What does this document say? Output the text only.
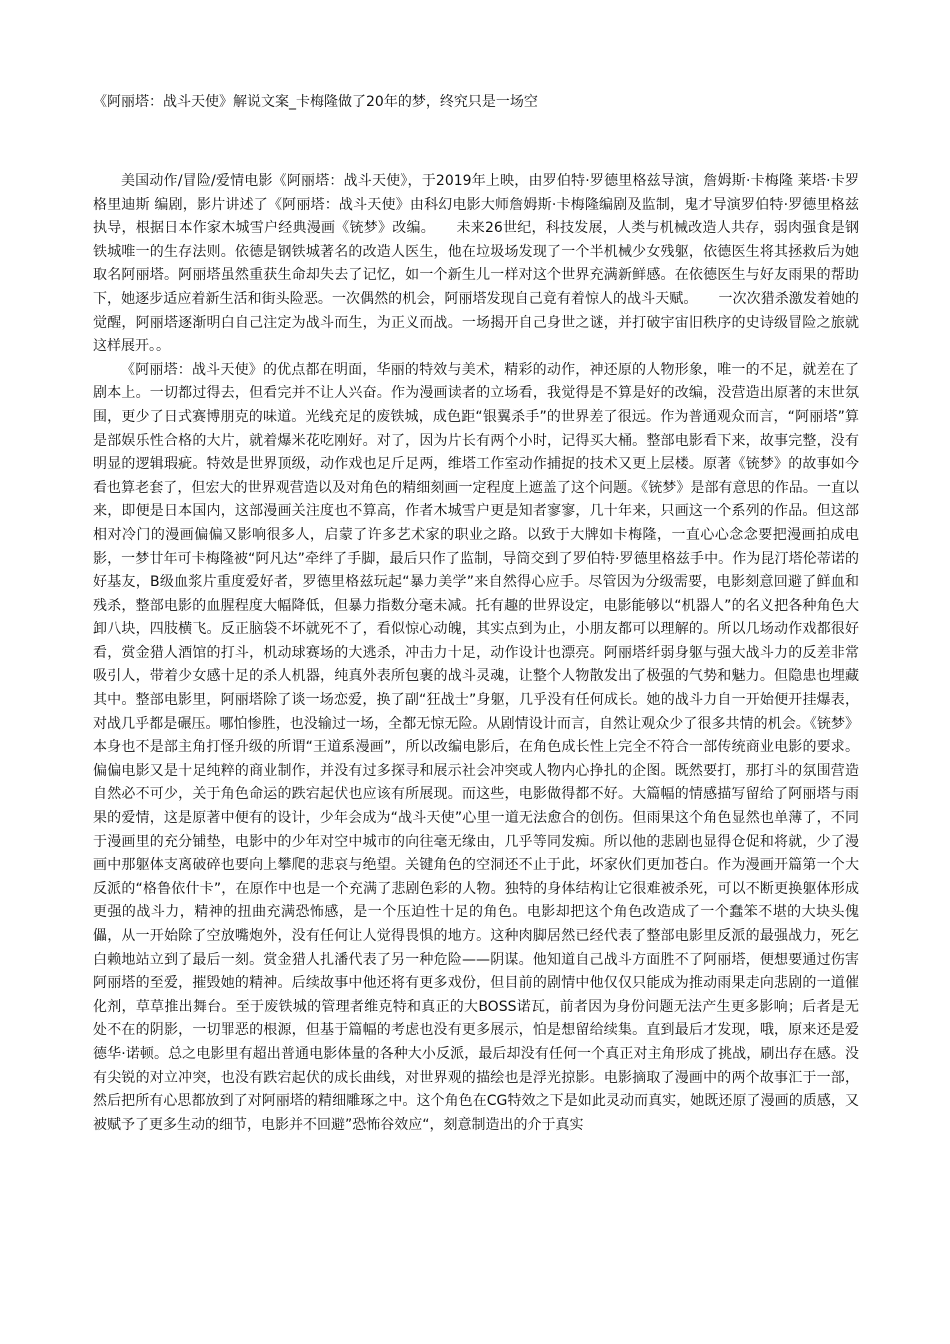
《阿丽塔：战斗天使》解说文案_卡梅隆做了20年的梦，终究只是一场空

美国动作/冒险/爱情电影《阿丽塔：战斗天使》，于2019年上映，由罗伯特·罗德里格兹导演，詹姆斯·卡梅隆 莱塔·卡罗格里迪斯 编剧，影片讲述了《阿丽塔：战斗天使》由科幻电影大师詹姆斯·卡梅隆编剧及监制，鬼才导演罗伯特·罗德里格兹执导，根据日本作家木城雪户经典漫画《铳梦》改编。　　未来26世纪，科技发展，人类与机械改造人共存，弱肉强食是钢铁城唯一的生存法则。依德是钢铁城著名的改造人医生，他在垃圾场发现了一个半机械少女残躯，依德医生将其拯救后为她取名阿丽塔。阿丽塔虽然重获生命却失去了记忆，如一个新生儿一样对这个世界充满新鲜感。在依德医生与好友雨果的帮助下，她逐步适应着新生活和街头险恶。一次偶然的机会，阿丽塔发现自己竟有着惊人的战斗天赋。　　一次次猎杀激发着她的觉醒，阿丽塔逐渐明白自己注定为战斗而生，为正义而战。一场揭开自己身世之谜，并打破宇宙旧秩序的史诗级冒险之旅就这样展开。。

《阿丽塔：战斗天使》的优点都在明面，华丽的特效与美术，精彩的动作，神还原的人物形象，唯一的不足，就差在了剧本上。一切都过得去，但看完并不让人兴奋。作为漫画读者的立场看，我觉得是不算是好的改编，没营造出原著的末世氛围，更少了日式赛博朋克的味道。光线充足的废铁城，成色距“银翼杀手”的世界差了很远。作为普通观众而言，“阿丽塔”算是部娱乐性合格的大片，就着爆米花吃刚好。对了，因为片长有两个小时，记得买大桶。整部电影看下来，故事完整，没有明显的逻辑瑕疵。特效是世界顶级，动作戏也足斤足两，维塔工作室动作捕捉的技术又更上层楼。原著《铳梦》的故事如今看也算老套了，但宏大的世界观营造以及对角色的精细刻画一定程度上遮盖了这个问题。《铳梦》是部有意思的作品。一直以来，即便是日本国内，这部漫画关注度也不算高，作者木城雪户更是知者寥寥，几十年来，只画这一个系列的作品。但这部相对冷门的漫画偏偏又影响很多人，启蒙了许多艺术家的职业之路。以致于大牌如卡梅隆，一直心心念念要把漫画拍成电影，一梦廿年可卡梅隆被“阿凡达”牵绊了手脚，最后只作了监制，导筒交到了罗伯特·罗德里格兹手中。作为昆汀塔伦蒂诺的好基友，B级血浆片重度爱好者，罗德里格兹玩起“暴力美学”来自然得心应手。尽管因为分级需要，电影刻意回避了鲜血和残杀，整部电影的血腥程度大幅降低，但暴力指数分毫未减。托有趣的世界设定，电影能够以“机器人”的名义把各种角色大卸八块，四肢横飞。反正脑袋不坏就死不了，看似惊心动魄，其实点到为止，小朋友都可以理解的。所以几场动作戏都很好看，赏金猎人酒馆的打斗，机动球赛场的大逃杀，冲击力十足，动作设计也漂亮。阿丽塔纤弱身躯与强大战斗力的反差非常吸引人，带着少女感十足的杀人机器，纯真外表所包裹的战斗灵魂，让整个人物散发出了极强的气势和魅力。但隐患也埋藏其中。整部电影里，阿丽塔除了谈一场恋爱，换了副“狂战士”身躯，几乎没有任何成长。她的战斗力自一开始便开挂爆表，对战几乎都是碾压。哪怕惨胜，也没输过一场，全都无惊无险。从剧情设计而言，自然让观众少了很多共情的机会。《铳梦》本身也不是部主角打怪升级的所谓“王道系漫画”，所以改编电影后，在角色成长性上完全不符合一部传统商业电影的要求。偏偏电影又是十足纯粹的商业制作，并没有过多探寻和展示社会冲突或人物内心挣扎的企图。既然要打，那打斗的氛围营造自然必不可少，关于角色命运的跌宕起伏也应该有所展现。而这些，电影做得都不好。大篇幅的情感描写留给了阿丽塔与雨果的爱情，这是原著中便有的设计，少年会成为“战斗天使”心里一道无法愈合的创伤。但雨果这个角色显然也单薄了，不同于漫画里的充分铺垫，电影中的少年对空中城市的向往毫无缘由，几乎等同发痴。所以他的悲剧也显得仓促和将就，少了漫画中那躯体支离破碎也要向上攀爬的悲哀与绝望。关键角色的空洞还不止于此，坏家伙们更加苍白。作为漫画开篇第一个大反派的“格鲁依什卡”，在原作中也是一个充满了悲剧色彩的人物。独特的身体结构让它很难被杀死，可以不断更换躯体形成更强的战斗力，精神的扭曲充满恐怖感，是一个压迫性十足的角色。电影却把这个角色改造成了一个蠢笨不堪的大块头傀儡，从一开始除了空放嘴炮外，没有任何让人觉得畏惧的地方。这种肉脚居然已经代表了整部电影里反派的最强战力，死乞白赖地站立到了最后一刻。赏金猎人扎潘代表了另一种危险——阴谋。他知道自己战斗方面胜不了阿丽塔，便想要通过伤害阿丽塔的至爱，摧毁她的精神。后续故事中他还将有更多戏份，但目前的剧情中他仅仅只能成为推动雨果走向悲剧的一道催化剂，草草推出舞台。至于废铁城的管理者维克特和真正的大BOSS诺瓦，前者因为身份问题无法产生更多影响；后者是无处不在的阴影，一切罪恶的根源，但基于篇幅的考虑也没有更多展示，怕是想留给续集。直到最后才发现，哦，原来还是爱德华·诺顿。总之电影里有超出普通电影体量的各种大小反派，最后却没有任何一个真正对主角形成了挑战，刷出存在感。没有尖锐的对立冲突，也没有跌宕起伏的成长曲线，对世界观的描绘也是浮光掠影。电影摘取了漫画中的两个故事汇于一部，然后把所有心思都放到了对阿丽塔的精细雕琢之中。这个角色在CG特效之下是如此灵动而真实，她既还原了漫画的质感，又被赋予了更多生动的细节，电影并不回避”恐怖谷效应“，刻意制造出的介于真实
